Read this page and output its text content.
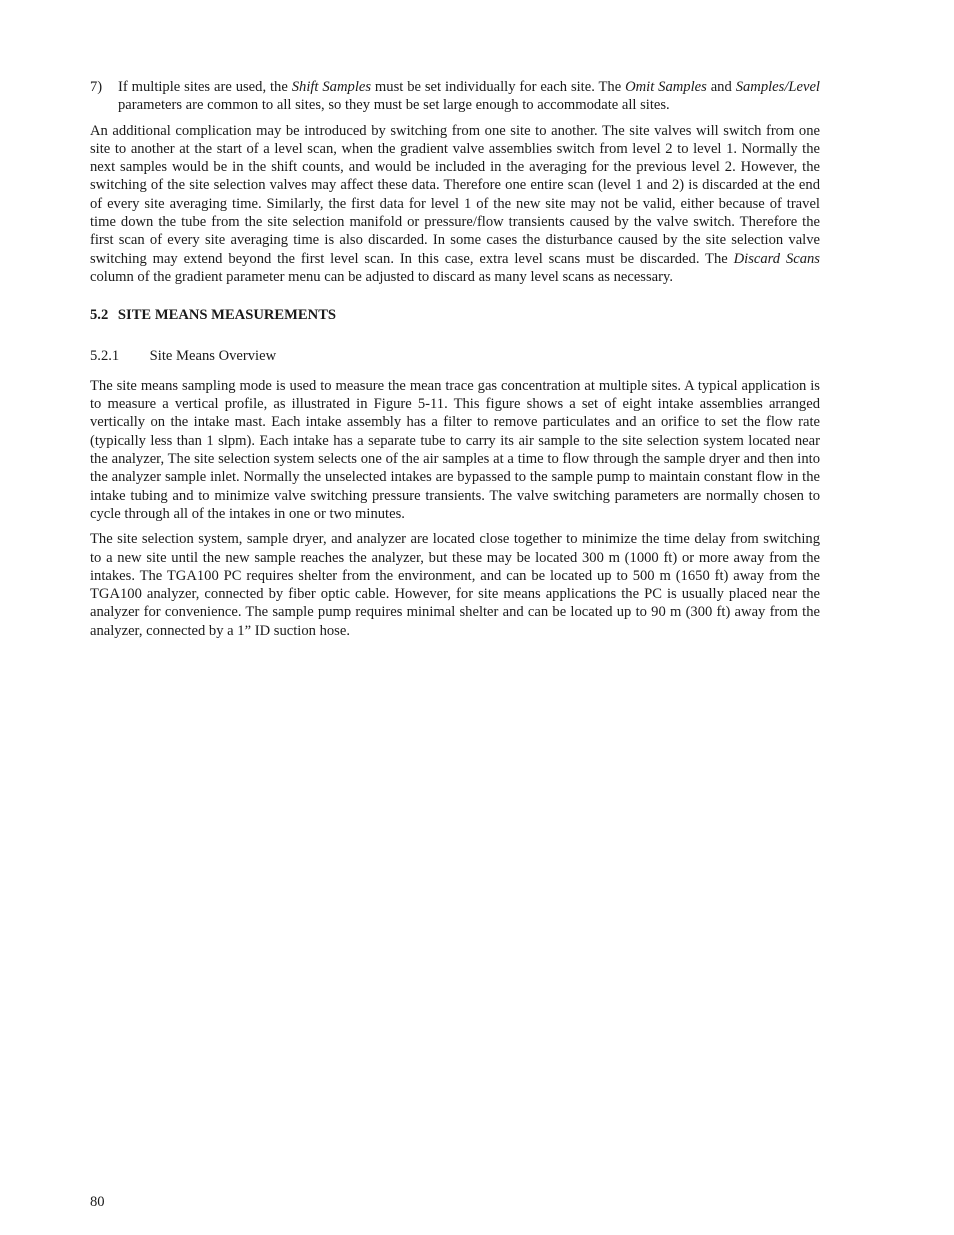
7)	If multiple sites are used, the Shift Samples must be set individually for each site. The Omit Samples and Samples/Level parameters are common to all sites, so they must be set large enough to accommodate all sites.

An additional complication may be introduced by switching from one site to another. The site valves will switch from one site to another at the start of a level scan, when the gradient valve assemblies switch from level 2 to level 1. Normally the next samples would be in the shift counts, and would be included in the averaging for the previous level 2. However, the switching of the site selection valves may affect these data. Therefore one entire scan (level 1 and 2) is discarded at the end of every site averaging time. Similarly, the first data for level 1 of the new site may not be valid, either because of travel time down the tube from the site selection manifold or pressure/flow transients caused by the valve switch. Therefore the first scan of every site averaging time is also discarded. In some cases the disturbance caused by the site selection valve switching may extend beyond the first level scan. In this case, extra level scans must be discarded. The Discard Scans column of the gradient parameter menu can be adjusted to discard as many level scans as necessary.

5.2 SITE MEANS MEASUREMENTS
5.2.1 Site Means Overview

The site means sampling mode is used to measure the mean trace gas concentration at multiple sites. A typical application is to measure a vertical profile, as illustrated in Figure 5-11. This figure shows a set of eight intake assemblies arranged vertically on the intake mast. Each intake assembly has a filter to remove particulates and an orifice to set the flow rate (typically less than 1 slpm). Each intake has a separate tube to carry its air sample to the site selection system located near the analyzer, The site selection system selects one of the air samples at a time to flow through the sample dryer and then into the analyzer sample inlet. Normally the unselected intakes are bypassed to the sample pump to maintain constant flow in the intake tubing and to minimize valve switching pressure transients. The valve switching parameters are normally chosen to cycle through all of the intakes in one or two minutes.

The site selection system, sample dryer, and analyzer are located close together to minimize the time delay from switching to a new site until the new sample reaches the analyzer, but these may be located 300 m (1000 ft) or more away from the intakes. The TGA100 PC requires shelter from the environment, and can be located up to 500 m (1650 ft) away from the TGA100 analyzer, connected by fiber optic cable. However, for site means applications the PC is usually placed near the analyzer for convenience. The sample pump requires minimal shelter and can be located up to 90 m (300 ft) away from the analyzer, connected by a 1” ID suction hose.

80
